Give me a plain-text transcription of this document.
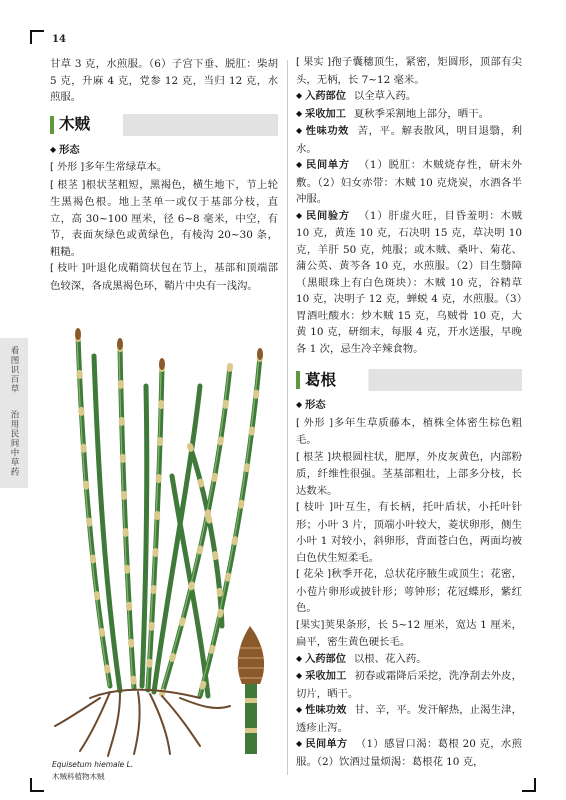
14
看图识百草
治用民间中草药

甘草 3 克，水煎服。（6）子宫下垂、脱肛：柴胡 5 克，升麻 4 克，党参 12 克，当归 12 克，水煎服。

木贼

◆ 形态

[ 外形 ]多年生常绿草本。

[ 根茎 ]根状茎粗短，黑褐色，横生地下，节上轮生黑褐色根。地上茎单一或仅于基部分枝，直立，高 30~100 厘米，径 6~8 毫米，中空，有节，表面灰绿色或黄绿色，有棱沟 20~30 条，粗糙。

[ 枝叶 ]叶退化成鞘筒状包在节上，基部和顶端部色较深，各成黑褐色环，鞘片中央有一浅沟。

Equisetum hiemale L.
木贼科植物木贼

[ 果实 ]孢子囊穗顶生，紧密，矩圆形，顶部有尖头，无柄，长 7~12 毫米。

◆ 入药部位 以全草入药。

◆ 采收加工 夏秋季采割地上部分，晒干。

◆ 性味功效 苦，平。解表散风，明目退翳，利水。

◆ 民间单方 （1）脱肛：木贼烧存性，研末外敷。（2）妇女赤带：木贼 10 克烧炭，水酒各半冲服。

◆ 民间验方 （1）肝虚火旺，目昏羞明：木贼 10 克，黄连 10 克，石决明 15 克，草决明 10 克，羊肝 50 克，炖服；或木贼、桑叶、菊花、蒲公英、黄芩各 10 克，水煎服。（2）目生翳障（黑眼珠上有白色斑块）：木贼 10 克，谷精草 10 克，决明子 12 克，蝉蜕 4 克，水煎服。（3）胃酒吐酸水：炒木贼 15 克，乌贼骨 10 克，大黄 10 克，研细末，每服 4 克，开水送服，早晚各 1 次，忌生冷辛辣食物。

葛根

◆ 形态

[ 外形 ]多年生草质藤本，植株全体密生棕色粗毛。

[ 根茎 ]块根圆柱状，肥厚，外皮灰黄色，内部粉质，纤维性很强。茎基部粗壮，上部多分枝，长达数米。

[ 枝叶 ]叶互生，有长柄，托叶盾状，小托叶针形；小叶 3 片，顶端小叶较大，菱状卵形，侧生小叶 1 对较小，斜卵形，背面苍白色，两面均被白色伏生短柔毛。

[ 花朵 ]秋季开花，总状花序腋生或顶生；花密，小苞片卵形或披针形；萼钟形；花冠蝶形，紫红色。

[果实]荚果条形，长 5~12 厘米，宽达 1 厘米，扁平，密生黄色硬长毛。

◆ 入药部位 以根、花入药。

◆ 采收加工 初春或霜降后采挖，洗净刮去外皮，切片，晒干。

◆ 性味功效 甘、辛，平。发汗解热，止渴生津，透疹止泻。

◆ 民间单方 （1）感冒口渴：葛根 20 克，水煎服。（2）饮酒过量烦渴：葛根花 10 克，
